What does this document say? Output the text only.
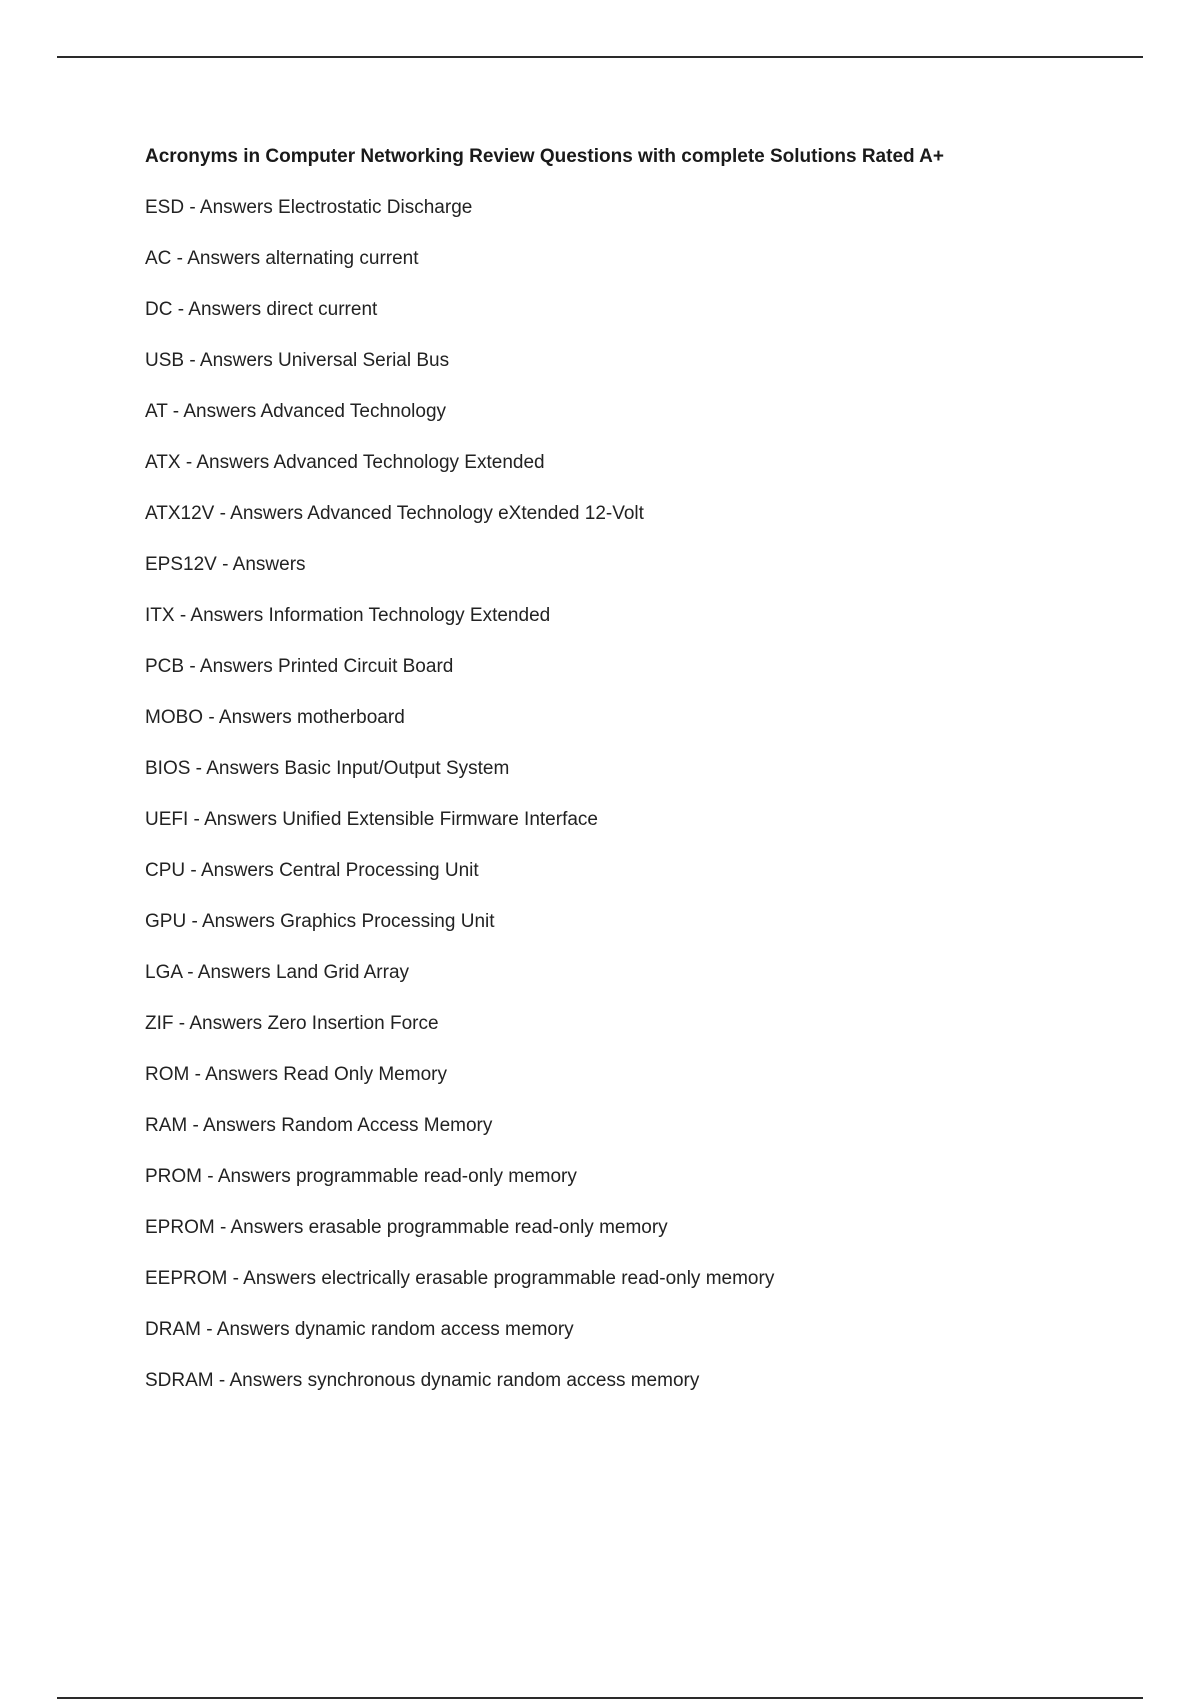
Acronyms in Computer Networking Review Questions with complete Solutions Rated A+
ESD - Answers Electrostatic Discharge
AC - Answers alternating current
DC - Answers direct current
USB - Answers Universal Serial Bus
AT - Answers Advanced Technology
ATX - Answers Advanced Technology Extended
ATX12V - Answers Advanced Technology eXtended 12-Volt
EPS12V - Answers
ITX - Answers Information Technology Extended
PCB - Answers Printed Circuit Board
MOBO - Answers motherboard
BIOS - Answers Basic Input/Output System
UEFI - Answers Unified Extensible Firmware Interface
CPU - Answers Central Processing Unit
GPU - Answers Graphics Processing Unit
LGA - Answers Land Grid Array
ZIF - Answers Zero Insertion Force
ROM - Answers Read Only Memory
RAM - Answers Random Access Memory
PROM - Answers programmable read-only memory
EPROM - Answers erasable programmable read-only memory
EEPROM - Answers electrically erasable programmable read-only memory
DRAM - Answers dynamic random access memory
SDRAM - Answers synchronous dynamic random access memory
